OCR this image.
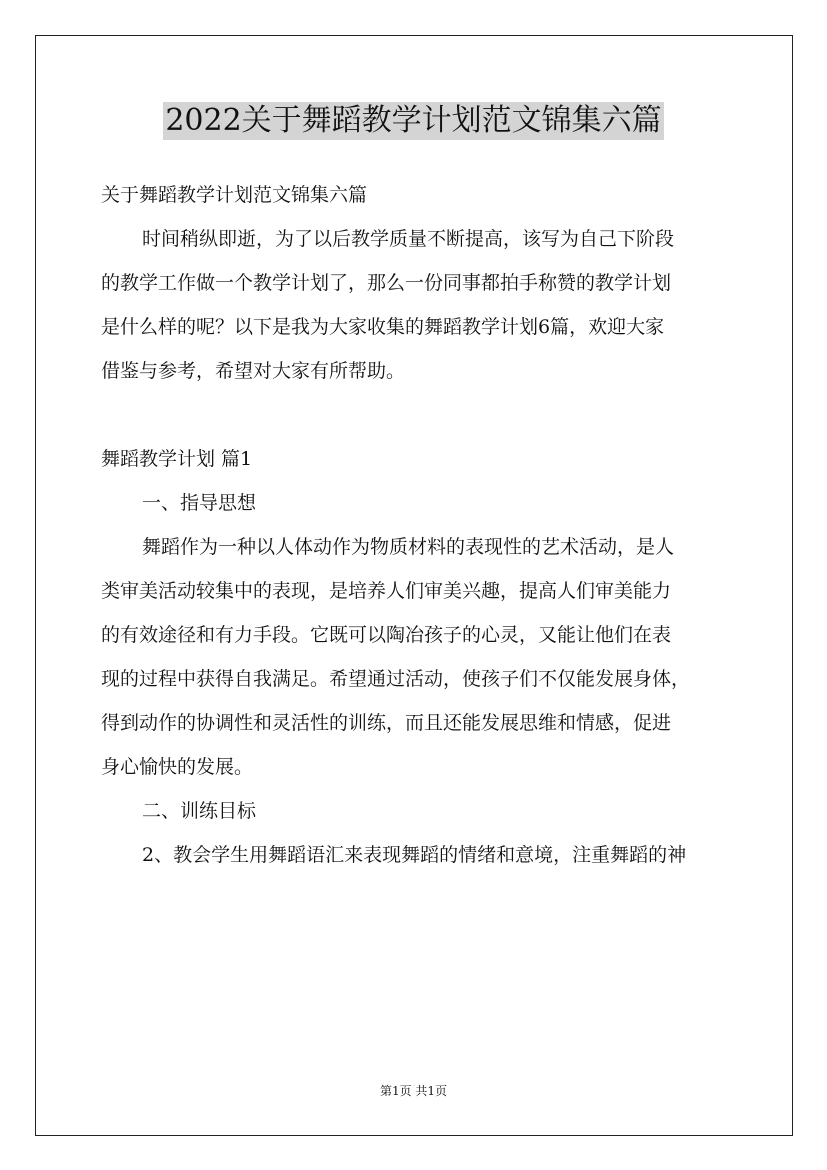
2022关于舞蹈教学计划范文锦集六篇
关于舞蹈教学计划范文锦集六篇
时间稍纵即逝，为了以后教学质量不断提高，该写为自己下阶段
的教学工作做一个教学计划了，那么一份同事都拍手称赞的教学计划
是什么样的呢？以下是我为大家收集的舞蹈教学计划6篇，欢迎大家
借鉴与参考，希望对大家有所帮助。
舞蹈教学计划 篇1
一、指导思想
舞蹈作为一种以人体动作为物质材料的表现性的艺术活动，是人
类审美活动较集中的表现，是培养人们审美兴趣，提高人们审美能力
的有效途径和有力手段。它既可以陶冶孩子的心灵，又能让他们在表
现的过程中获得自我满足。希望通过活动，使孩子们不仅能发展身体，
得到动作的协调性和灵活性的训练，而且还能发展思维和情感，促进
身心愉快的发展。
二、训练目标
2、教会学生用舞蹈语汇来表现舞蹈的情绪和意境，注重舞蹈的神
第1页 共1页
